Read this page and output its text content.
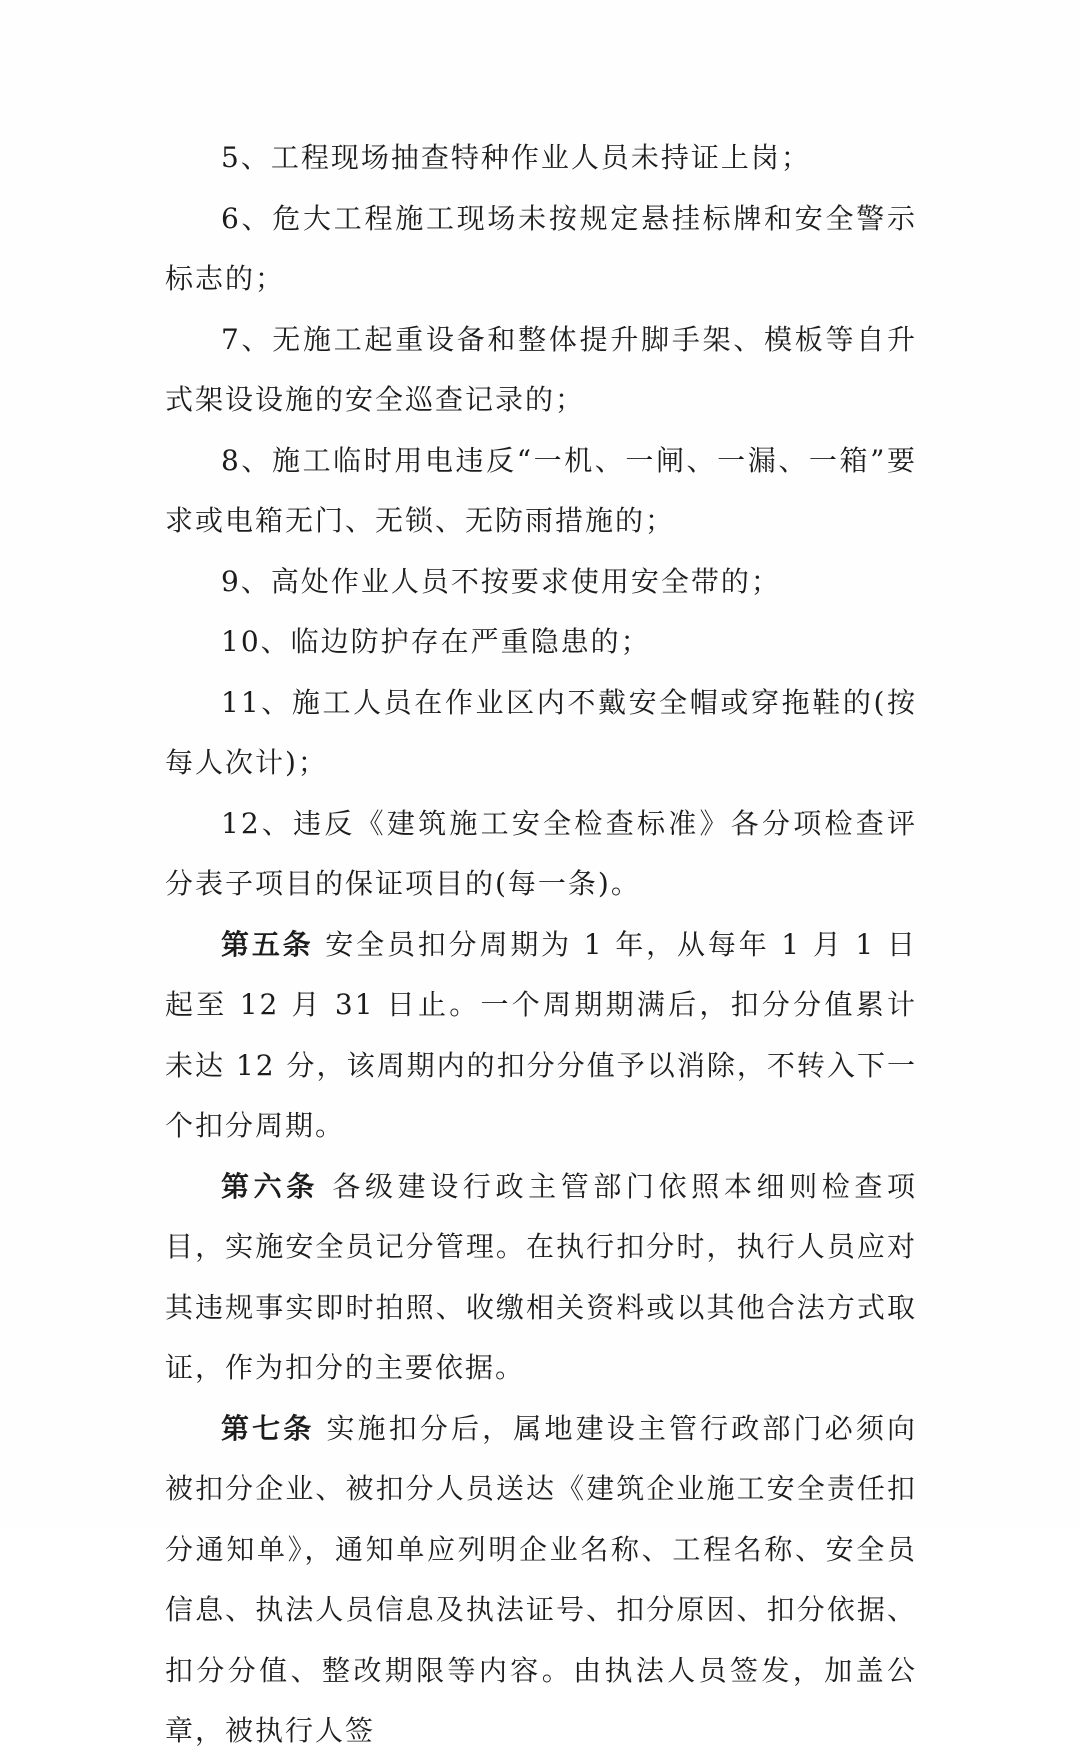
5、工程现场抽查特种作业人员未持证上岗；

6、危大工程施工现场未按规定悬挂标牌和安全警示标志的；

7、无施工起重设备和整体提升脚手架、模板等自升式架设设施的安全巡查记录的；

8、施工临时用电违反“一机、一闸、一漏、一箱”要求或电箱无门、无锁、无防雨措施的；

9、高处作业人员不按要求使用安全带的；

10、临边防护存在严重隐患的；

11、施工人员在作业区内不戴安全帽或穿拖鞋的(按每人次计)；

12、违反《建筑施工安全检查标准》各分项检查评分表子项目的保证项目的(每一条)。

第五条 安全员扣分周期为 1 年，从每年 1 月 1 日起至 12 月 31 日止。一个周期期满后，扣分分值累计未达 12 分，该周期内的扣分分值予以消除，不转入下一个扣分周期。

第六条 各级建设行政主管部门依照本细则检查项目，实施安全员记分管理。在执行扣分时，执行人员应对其违规事实即时拍照、收缴相关资料或以其他合法方式取证，作为扣分的主要依据。

第七条 实施扣分后，属地建设主管行政部门必须向被扣分企业、被扣分人员送达《建筑企业施工安全责任扣分通知单》，通知单应列明企业名称、工程名称、安全员信息、执法人员信息及执法证号、扣分原因、扣分依据、扣分分值、整改期限等内容。由执法人员签发，加盖公章，被执行人签
